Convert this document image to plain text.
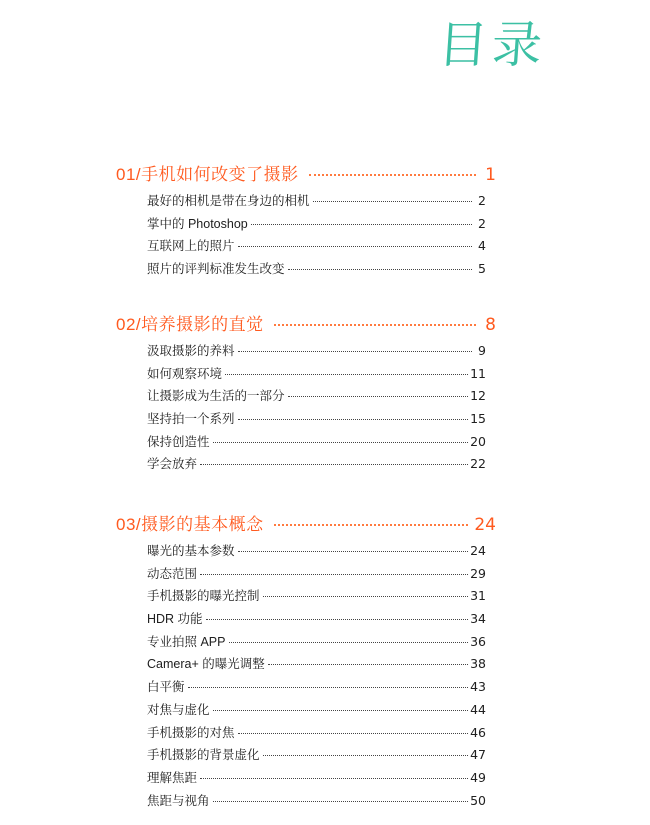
目录
01/手机如何改变了摄影	1
最好的相机是带在身边的相机	2
掌中的 Photoshop	2
互联网上的照片	4
照片的评判标准发生改变	5
02/培养摄影的直觉	8
汲取摄影的养料	9
如何观察环境	11
让摄影成为生活的一部分	12
坚持拍一个系列	15
保持创造性	20
学会放弃	22
03/摄影的基本概念	24
曝光的基本参数	24
动态范围	29
手机摄影的曝光控制	31
HDR 功能	34
专业拍照 APP	36
Camera+ 的曝光调整	38
白平衡	43
对焦与虚化	44
手机摄影的对焦	46
手机摄影的背景虚化	47
理解焦距	49
焦距与视角	50
